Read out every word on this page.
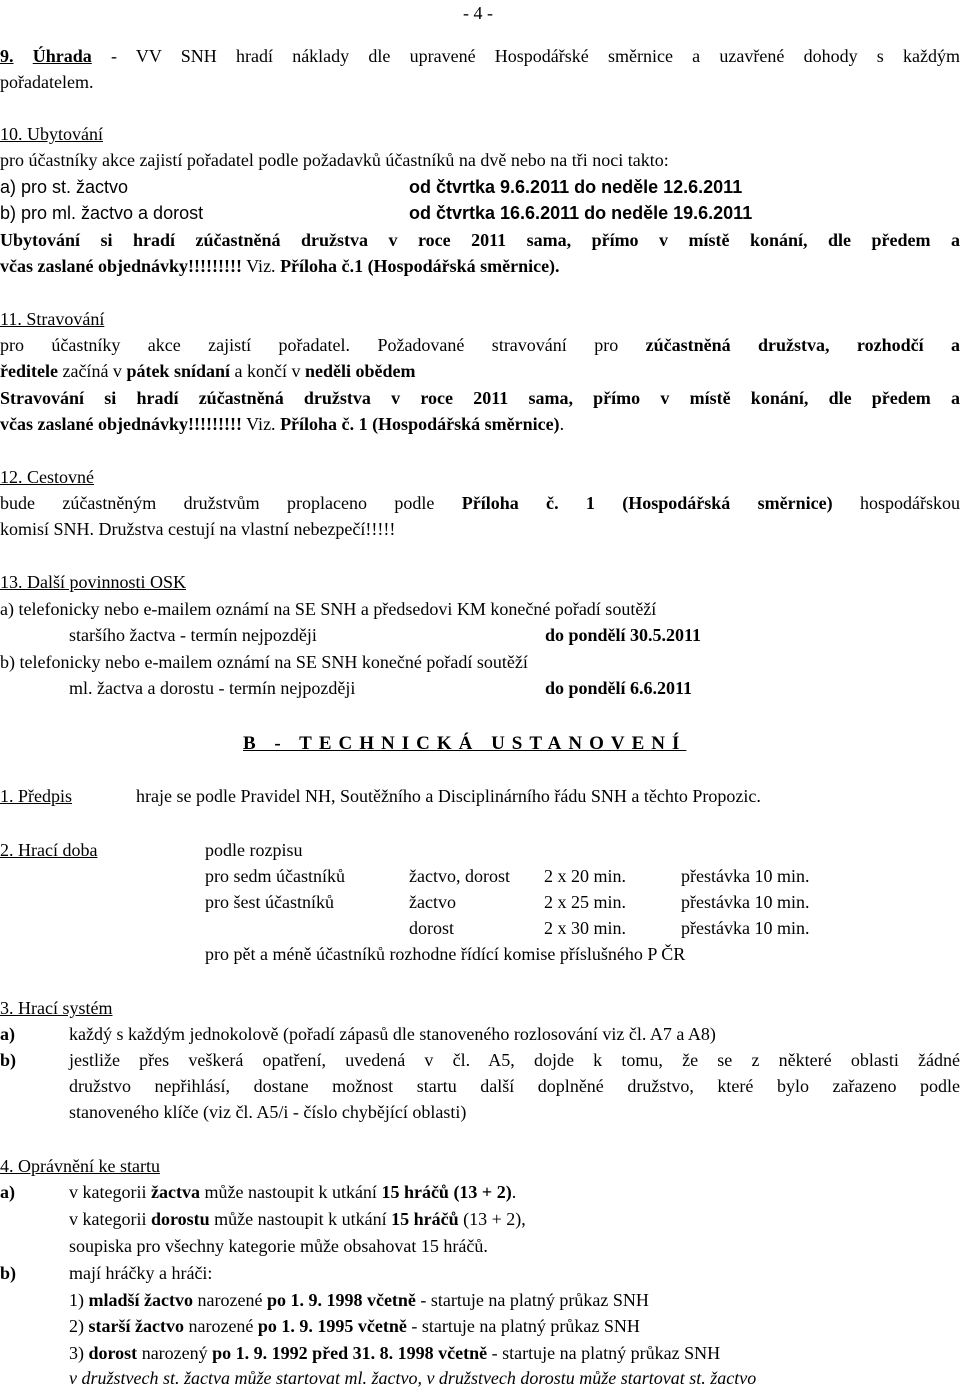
- 4 -
9. Úhrada - VV SNH hradí náklady dle upravené Hospodářské směrnice a uzavřené dohody s každým
pořadatelem.
10. Ubytování
pro účastníky akce zajistí pořadatel podle požadavků účastníků na dvě nebo na tři noci takto:
a) pro st. žactvo	od čtvrtka 9.6.2011 do neděle 12.6.2011
b) pro ml. žactvo a dorost	od čtvrtka 16.6.2011 do neděle 19.6.2011
Ubytování si hradí zúčastněná družstva v roce 2011 sama, přímo v místě konání, dle předem a
včas zaslané objednávky!!!!!!!!! Viz. Příloha č.1 (Hospodářská směrnice).
11. Stravování
pro účastníky akce zajistí pořadatel. Požadované stravování pro zúčastněná družstva, rozhodčí a
ředitele začíná v pátek snídaní a končí v neděli obědem
Stravování si hradí zúčastněná družstva v roce 2011 sama, přímo v místě konání, dle předem a
včas zaslané objednávky!!!!!!!!! Viz. Příloha č. 1 (Hospodářská směrnice).
12. Cestovné
bude zúčastněným družstvům proplaceno podle Příloha č. 1 (Hospodářská směrnice) hospodářskou
komisí SNH. Družstva cestují na vlastní nebezpečí!!!!!
13. Další povinnosti OSK
a) telefonicky nebo e-mailem oznámí na SE SNH a předsedovi KM konečné pořadí soutěží
staršího žactva - termín nejpozději	do pondělí 30.5.2011
b) telefonicky nebo e-mailem oznámí na SE SNH konečné pořadí soutěží
ml. žactva a dorostu - termín nejpozději	do pondělí 6.6.2011
B - TECHNICKÁ USTANOVENÍ
1. Předpis	hraje se podle Pravidel NH, Soutěžního a Disciplinárního řádu SNH a těchto Propozic.
2. Hrací doba	podle rozpisu
pro sedm účastníků	žactvo, dorost 2 x 20 min.	přestávka 10 min.
pro šest účastníků	žactvo	2 x 25 min.	přestávka 10 min.
dorost	2 x 30 min.	přestávka 10 min.
pro pět a méně účastníků rozhodne řídící komise příslušného P ČR
3. Hrací systém
a)	každý s každým jednokolově (pořadí zápasů dle stanoveného rozlosování viz čl. A7 a A8)
b)	jestliže přes veškerá opatření, uvedená v čl. A5, dojde k tomu, že se z některé oblasti žádné
družstvo nepřihlásí, dostane možnost startu další doplněné družstvo, které bylo zařazeno podle
stanoveného klíče (viz čl. A5/i - číslo chybějící oblasti)
4. Oprávnění ke startu
a)	v kategorii žactva může nastoupit k utkání 15 hráčů (13 + 2).
v kategorii dorostu může nastoupit k utkání 15 hráčů (13 + 2),
soupiska pro všechny kategorie může obsahovat 15 hráčů.
b)	mají hráčky a hráči:
1) mladší žactvo narozené po 1. 9. 1998 včetně - startuje na platný průkaz SNH
2) starší žactvo narozené po 1. 9. 1995 včetně - startuje na platný průkaz SNH
3) dorost narozený po 1. 9. 1992 před 31. 8. 1998 včetně - startuje na platný průkaz SNH
v družstvech st. žactva může startovat ml. žactvo, v družstvech dorostu může startovat st. žactvo
